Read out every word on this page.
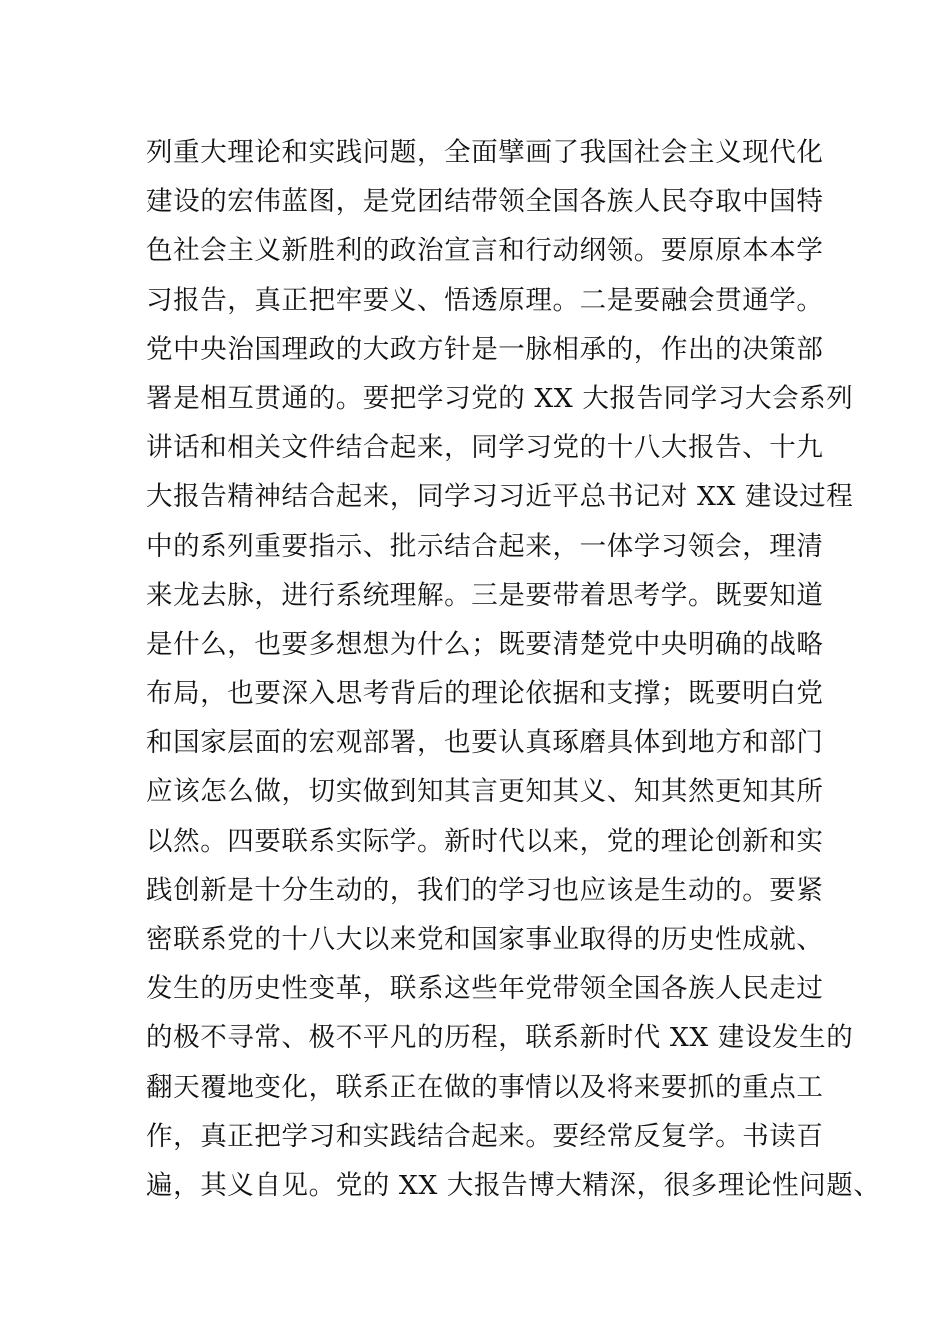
列重大理论和实践问题，全面擘画了我国社会主义现代化
建设的宏伟蓝图，是党团结带领全国各族人民夺取中国特
色社会主义新胜利的政治宣言和行动纲领。要原原本本学
习报告，真正把牢要义、悟透原理。二是要融会贯通学。
党中央治国理政的大政方针是一脉相承的，作出的决策部
署是相互贯通的。要把学习党的 XX 大报告同学习大会系列
讲话和相关文件结合起来，同学习党的十八大报告、十九
大报告精神结合起来，同学习习近平总书记对 XX 建设过程
中的系列重要指示、批示结合起来，一体学习领会，理清
来龙去脉，进行系统理解。三是要带着思考学。既要知道
是什么，也要多想想为什么；既要清楚党中央明确的战略
布局，也要深入思考背后的理论依据和支撑；既要明白党
和国家层面的宏观部署，也要认真琢磨具体到地方和部门
应该怎么做，切实做到知其言更知其义、知其然更知其所
以然。四要联系实际学。新时代以来，党的理论创新和实
践创新是十分生动的，我们的学习也应该是生动的。要紧
密联系党的十八大以来党和国家事业取得的历史性成就、
发生的历史性变革，联系这些年党带领全国各族人民走过
的极不寻常、极不平凡的历程，联系新时代 XX 建设发生的
翻天覆地变化，联系正在做的事情以及将来要抓的重点工
作，真正把学习和实践结合起来。要经常反复学。书读百
遍，其义自见。党的 XX 大报告博大精深，很多理论性问题、
